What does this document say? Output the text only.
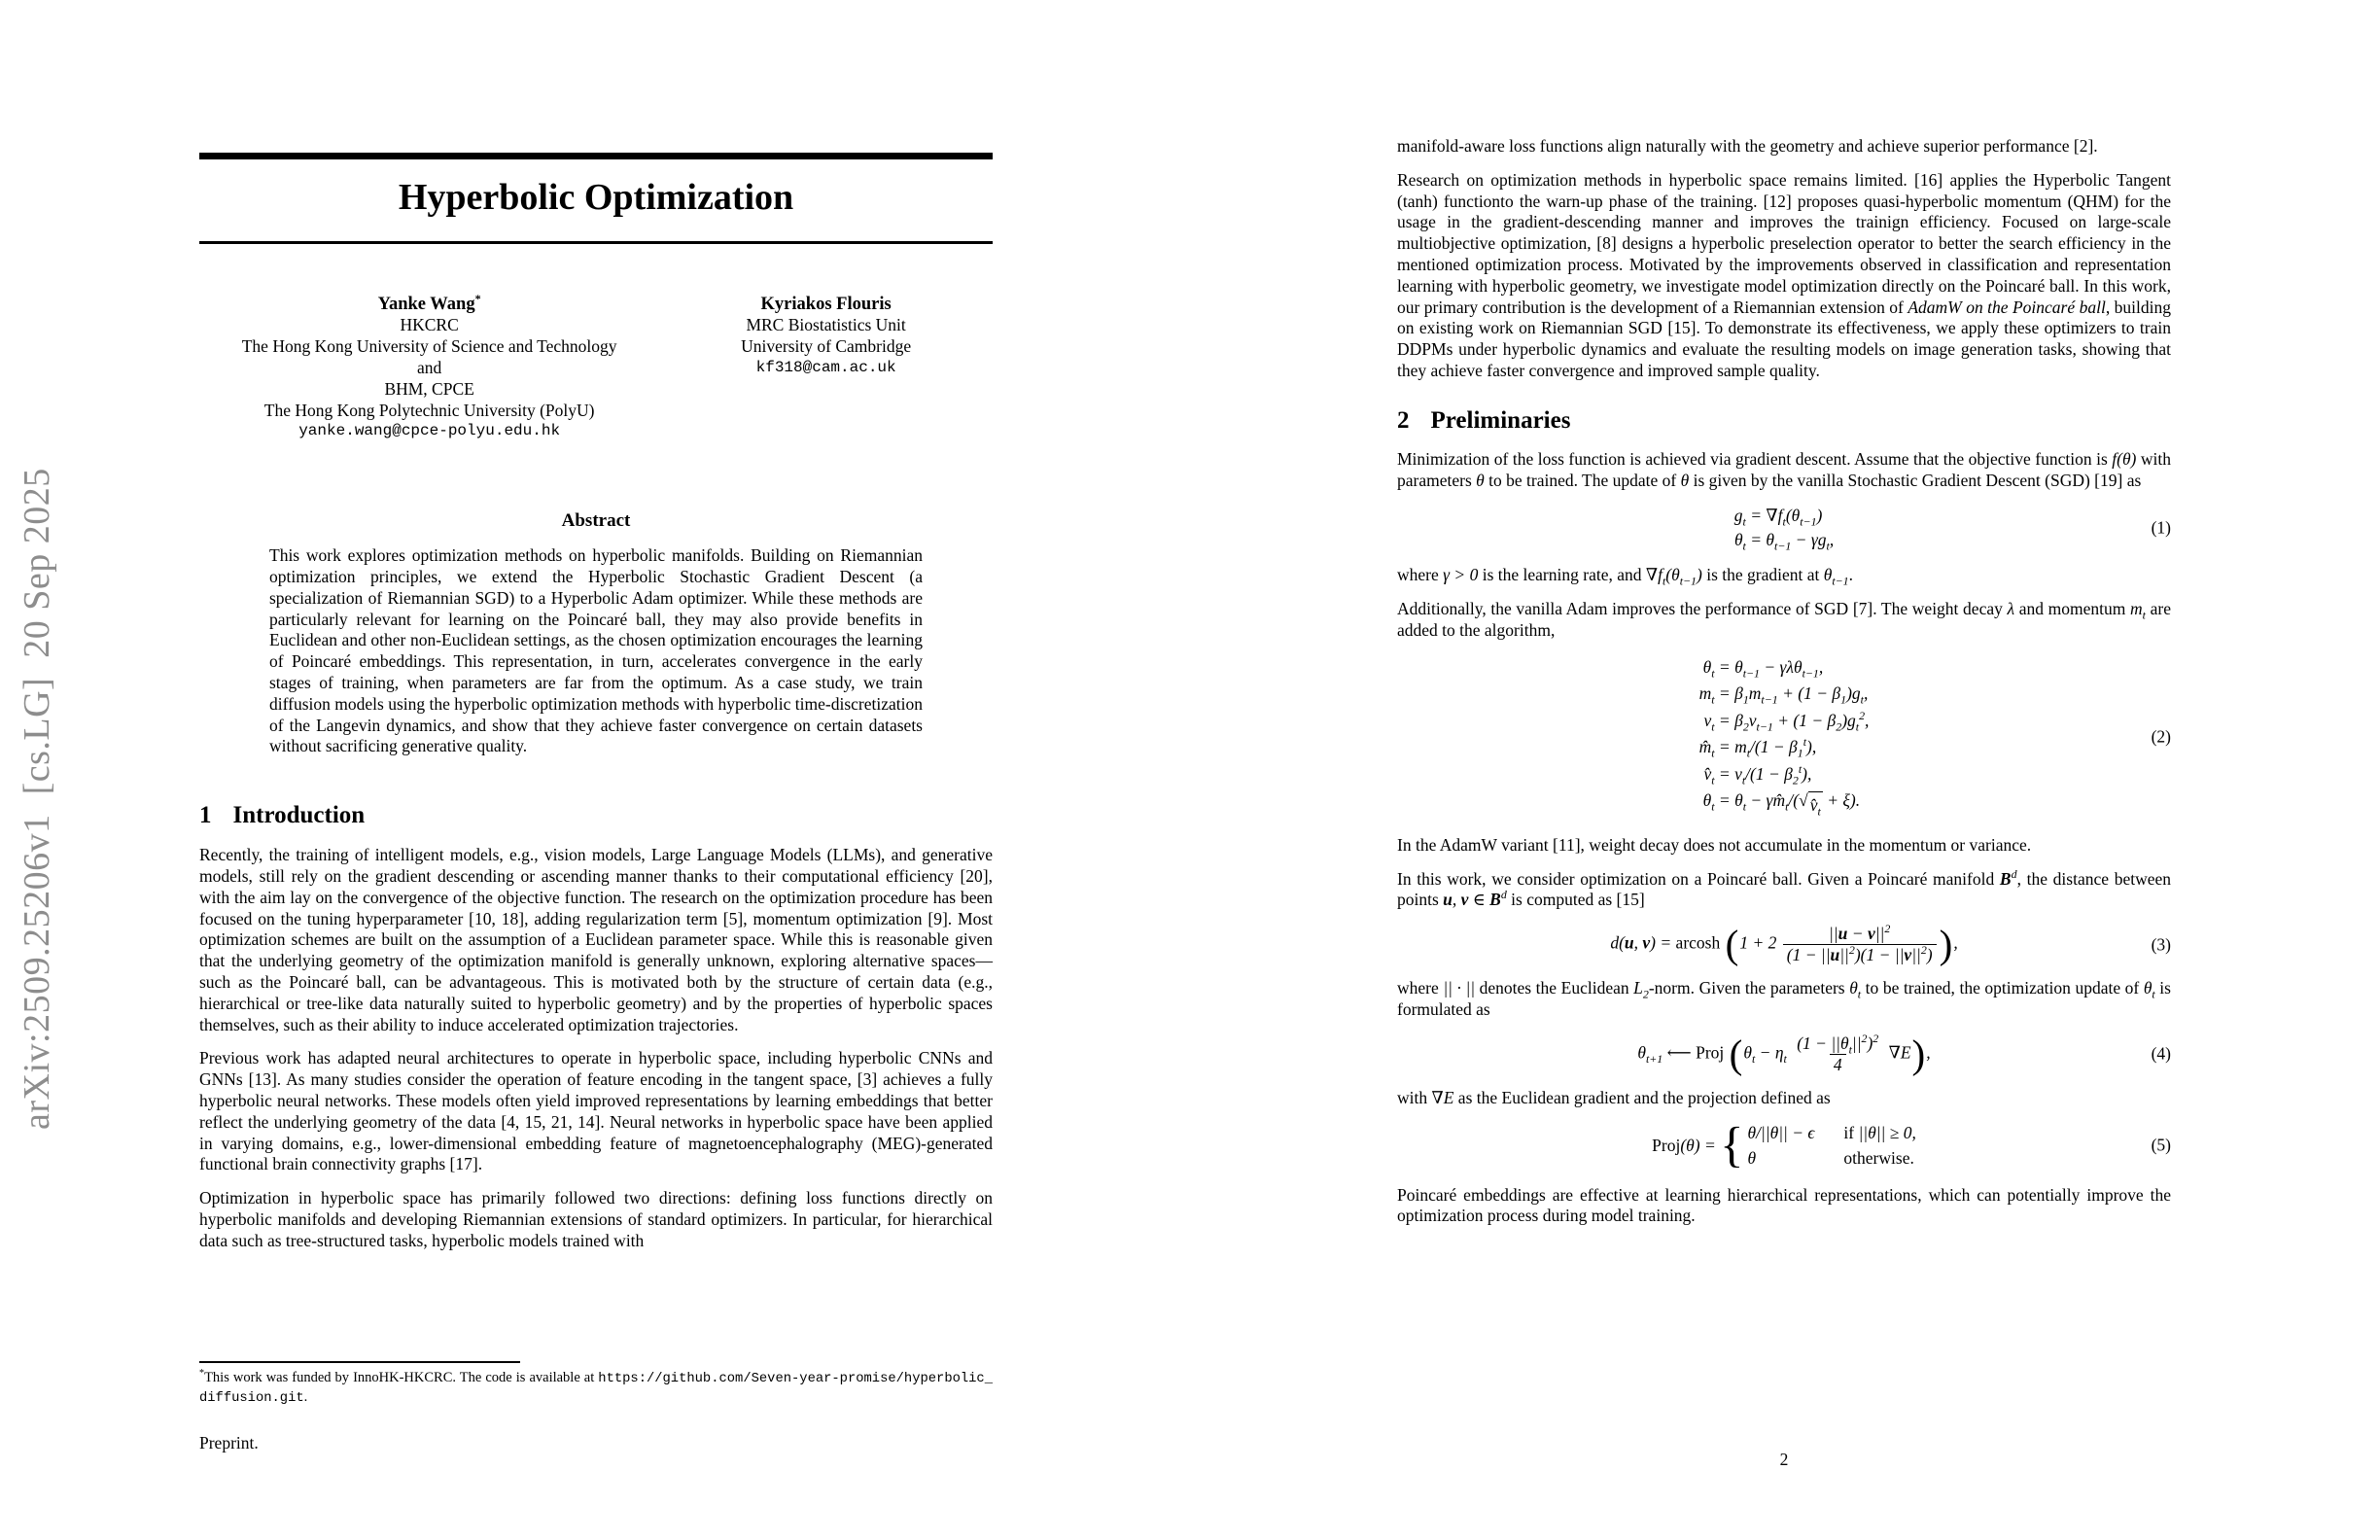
arXiv:2509.25206v1  [cs.LG]  20 Sep 2025
Hyperbolic Optimization
Yanke Wang*
HKCRC
The Hong Kong University of Science and Technology
and
BHM, CPCE
The Hong Kong Polytechnic University (PolyU)
yanke.wang@cpce-polyu.edu.hk
Kyriakos Flouris
MRC Biostatistics Unit
University of Cambridge
kf318@cam.ac.uk
Abstract
This work explores optimization methods on hyperbolic manifolds. Building on Riemannian optimization principles, we extend the Hyperbolic Stochastic Gradient Descent (a specialization of Riemannian SGD) to a Hyperbolic Adam optimizer. While these methods are particularly relevant for learning on the Poincaré ball, they may also provide benefits in Euclidean and other non-Euclidean settings, as the chosen optimization encourages the learning of Poincaré embeddings. This representation, in turn, accelerates convergence in the early stages of training, when parameters are far from the optimum. As a case study, we train diffusion models using the hyperbolic optimization methods with hyperbolic time-discretization of the Langevin dynamics, and show that they achieve faster convergence on certain datasets without sacrificing generative quality.
1 Introduction
Recently, the training of intelligent models, e.g., vision models, Large Language Models (LLMs), and generative models, still rely on the gradient descending or ascending manner thanks to their computational efficiency [20], with the aim lay on the convergence of the objective function. The research on the optimization procedure has been focused on the tuning hyperparameter [10, 18], adding regularization term [5], momentum optimization [9]. Most optimization schemes are built on the assumption of a Euclidean parameter space. While this is reasonable given that the underlying geometry of the optimization manifold is generally unknown, exploring alternative spaces—such as the Poincaré ball, can be advantageous. This is motivated both by the structure of certain data (e.g., hierarchical or tree-like data naturally suited to hyperbolic geometry) and by the properties of hyperbolic spaces themselves, such as their ability to induce accelerated optimization trajectories.
Previous work has adapted neural architectures to operate in hyperbolic space, including hyperbolic CNNs and GNNs [13]. As many studies consider the operation of feature encoding in the tangent space, [3] achieves a fully hyperbolic neural networks. These models often yield improved representations by learning embeddings that better reflect the underlying geometry of the data [4, 15, 21, 14]. Neural networks in hyperbolic space have been applied in varying domains, e.g., lower-dimensional embedding feature of magnetoencephalography (MEG)-generated functional brain connectivity graphs [17].
Optimization in hyperbolic space has primarily followed two directions: defining loss functions directly on hyperbolic manifolds and developing Riemannian extensions of standard optimizers. In particular, for hierarchical data such as tree-structured tasks, hyperbolic models trained with
*This work was funded by InnoHK-HKCRC. The code is available at https://github.com/Seven-year-promise/hyperbolic_diffusion.git.
Preprint.
manifold-aware loss functions align naturally with the geometry and achieve superior performance [2].
Research on optimization methods in hyperbolic space remains limited. [16] applies the Hyperbolic Tangent (tanh) functionto the warn-up phase of the training. [12] proposes quasi-hyperbolic momentum (QHM) for the usage in the gradient-descending manner and improves the trainign efficiency. Focused on large-scale multiobjective optimization, [8] designs a hyperbolic preselection operator to better the search efficiency in the mentioned optimization process. Motivated by the improvements observed in classification and representation learning with hyperbolic geometry, we investigate model optimization directly on the Poincaré ball. In this work, our primary contribution is the development of a Riemannian extension of AdamW on the Poincaré ball, building on existing work on Riemannian SGD [15]. To demonstrate its effectiveness, we apply these optimizers to train DDPMs under hyperbolic dynamics and evaluate the resulting models on image generation tasks, showing that they achieve faster convergence and improved sample quality.
2 Preliminaries
Minimization of the loss function is achieved via gradient descent. Assume that the objective function is f(θ) with parameters θ to be trained. The update of θ is given by the vanilla Stochastic Gradient Descent (SGD) [19] as
$g_t = \nabla f_t(\theta_{t-1})$
$\theta_t = \theta_{t-1} - \gamma g_t$,
(1)
where γ > 0 is the learning rate, and $\nabla f_t(\theta_{t-1})$ is the gradient at $\theta_{t-1}$.
Additionally, the vanilla Adam improves the performance of SGD [7]. The weight decay λ and momentum $m_t$ are added to the algorithm,
$\theta_t = \theta_{t-1} - \gamma\lambda\theta_{t-1}$,
$m_t = \beta_1m_{t-1} + (1 - \beta_1)g_t$,
$v_t = \beta_2v_{t-1} + (1 - \beta_2)g_t^2$,
$m̂_t = m_t/(1 - \beta_1^t)$,
$v̂_t = v_t/(1 - \beta_2^t)$,
$\theta_t = \theta_t$ − $\gamma m̂_t/$( √ $v̂_t$
+ ξ).
(2)
In the AdamW variant [11], weight decay does not accumulate in the momentum or variance.
In this work, we consider optimization on a Poincaré ball. Given a Poincaré manifold $B^d$, the distance between points u, v ∈ $B^d$ is computed as [15]
d(u, v) = arcosh ( $1 + 2 \frac{||u - v||^2}{(1 - ||u||^2)(1 - ||v||^2)}$ ) ,	(3)
where || · || denotes the Euclidean $L_2$-norm. Given the parameters $\theta_t$ to be trained, the optimization update of $\theta_t$ is formulated as
$\theta_{t+1}$ ⟵ Proj ( $\theta_t - \eta_t \frac{(1 - ||\theta_t||^2)^2}{4} \nabla E$ ) ,	(4)
with ∇E as the Euclidean gradient and the projection defined as
Proj(θ) = { θ/||θ|| − ϵ if ||θ|| ≥ 0,
θ	otherwise.
(5)
Poincaré embeddings are effective at learning hierarchical representations, which can potentially improve the optimization process during model training.
2
